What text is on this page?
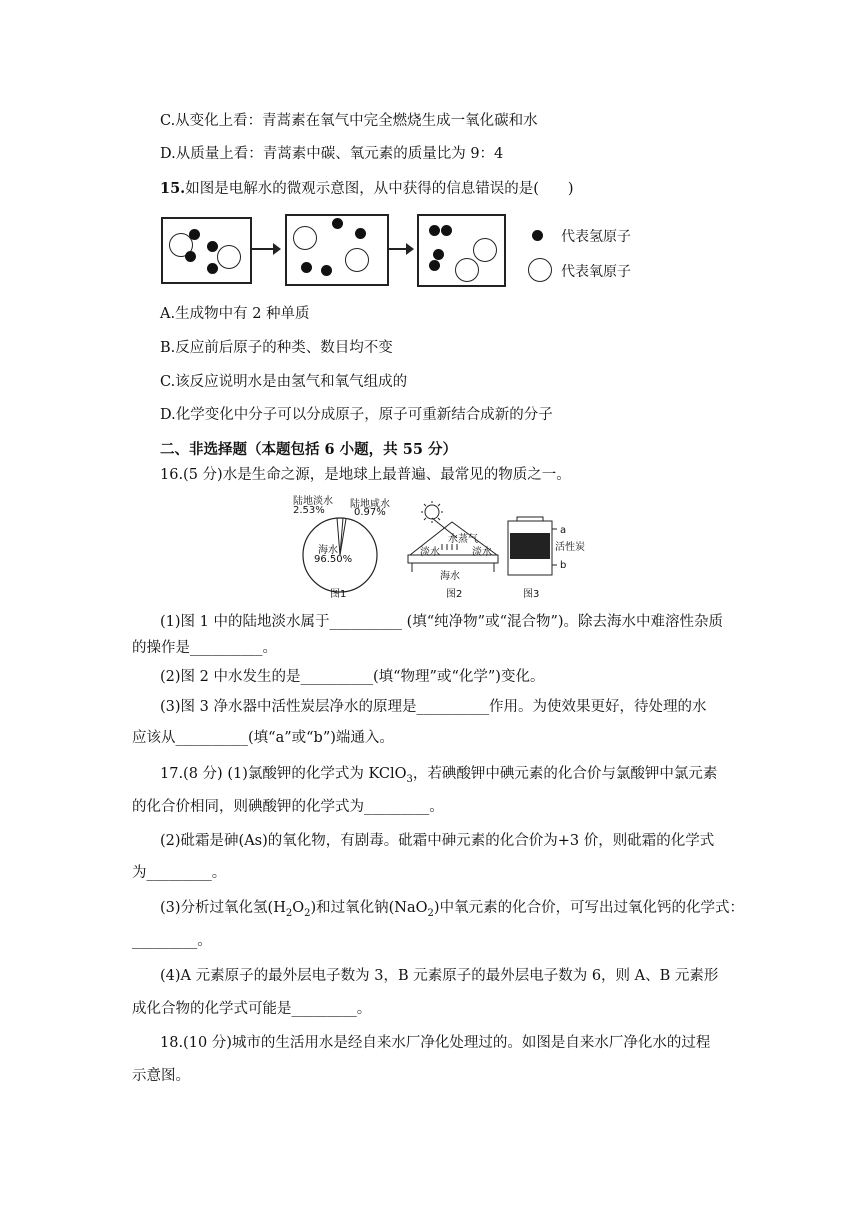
C.从变化上看：青蒿素在氧气中完全燃烧生成一氧化碳和水
D.从质量上看：青蒿素中碳、氧元素的质量比为 9：4
15.如图是电解水的微观示意图，从中获得的信息错误的是(　　)
代表氢原子
代表氧原子
A.生成物中有 2 种单质
B.反应前后原子的种类、数目均不变
C.该反应说明水是由氢气和氧气组成的
D.化学变化中分子可以分成原子，原子可重新结合成新的分子
二、非选择题（本题包括 6 小题，共 55 分）
16.(5 分)水是生命之源，是地球上最普遍、最常见的物质之一。
陆地淡水
2.53%
陆地咸水
0.97%
海水
96.50%
图1
淡水
水蒸气
淡水
海水
图2
a
活性炭
b
图3
(1)图 1 中的陆地淡水属于__________ (填“纯净物”或“混合物”)。除去海水中难溶性杂质
的操作是__________。
(2)图 2 中水发生的是__________(填“物理”或“化学”)变化。
(3)图 3 净水器中活性炭层净水的原理是__________作用。为使效果更好，待处理的水
应该从__________(填“a”或“b”)端通入。
17.(8 分) (1)氯酸钾的化学式为 KClO$_3$，若碘酸钾中碘元素的化合价与氯酸钾中氯元素
的化合价相同，则碘酸钾的化学式为_________。
(2)砒霜是砷(As)的氧化物，有剧毒。砒霜中砷元素的化合价为+3 价，则砒霜的化学式
为_________。
(3)分析过氧化氢$(H_2O_2)$和过氧化钠(NaO$_2$)中氧元素的化合价，可写出过氧化钙的化学式：
_________。
(4)A 元素原子的最外层电子数为 3，B 元素原子的最外层电子数为 6，则 A、B 元素形
成化合物的化学式可能是_________。
18.(10 分)城市的生活用水是经自来水厂净化处理过的。如图是自来水厂净化水的过程
示意图。
